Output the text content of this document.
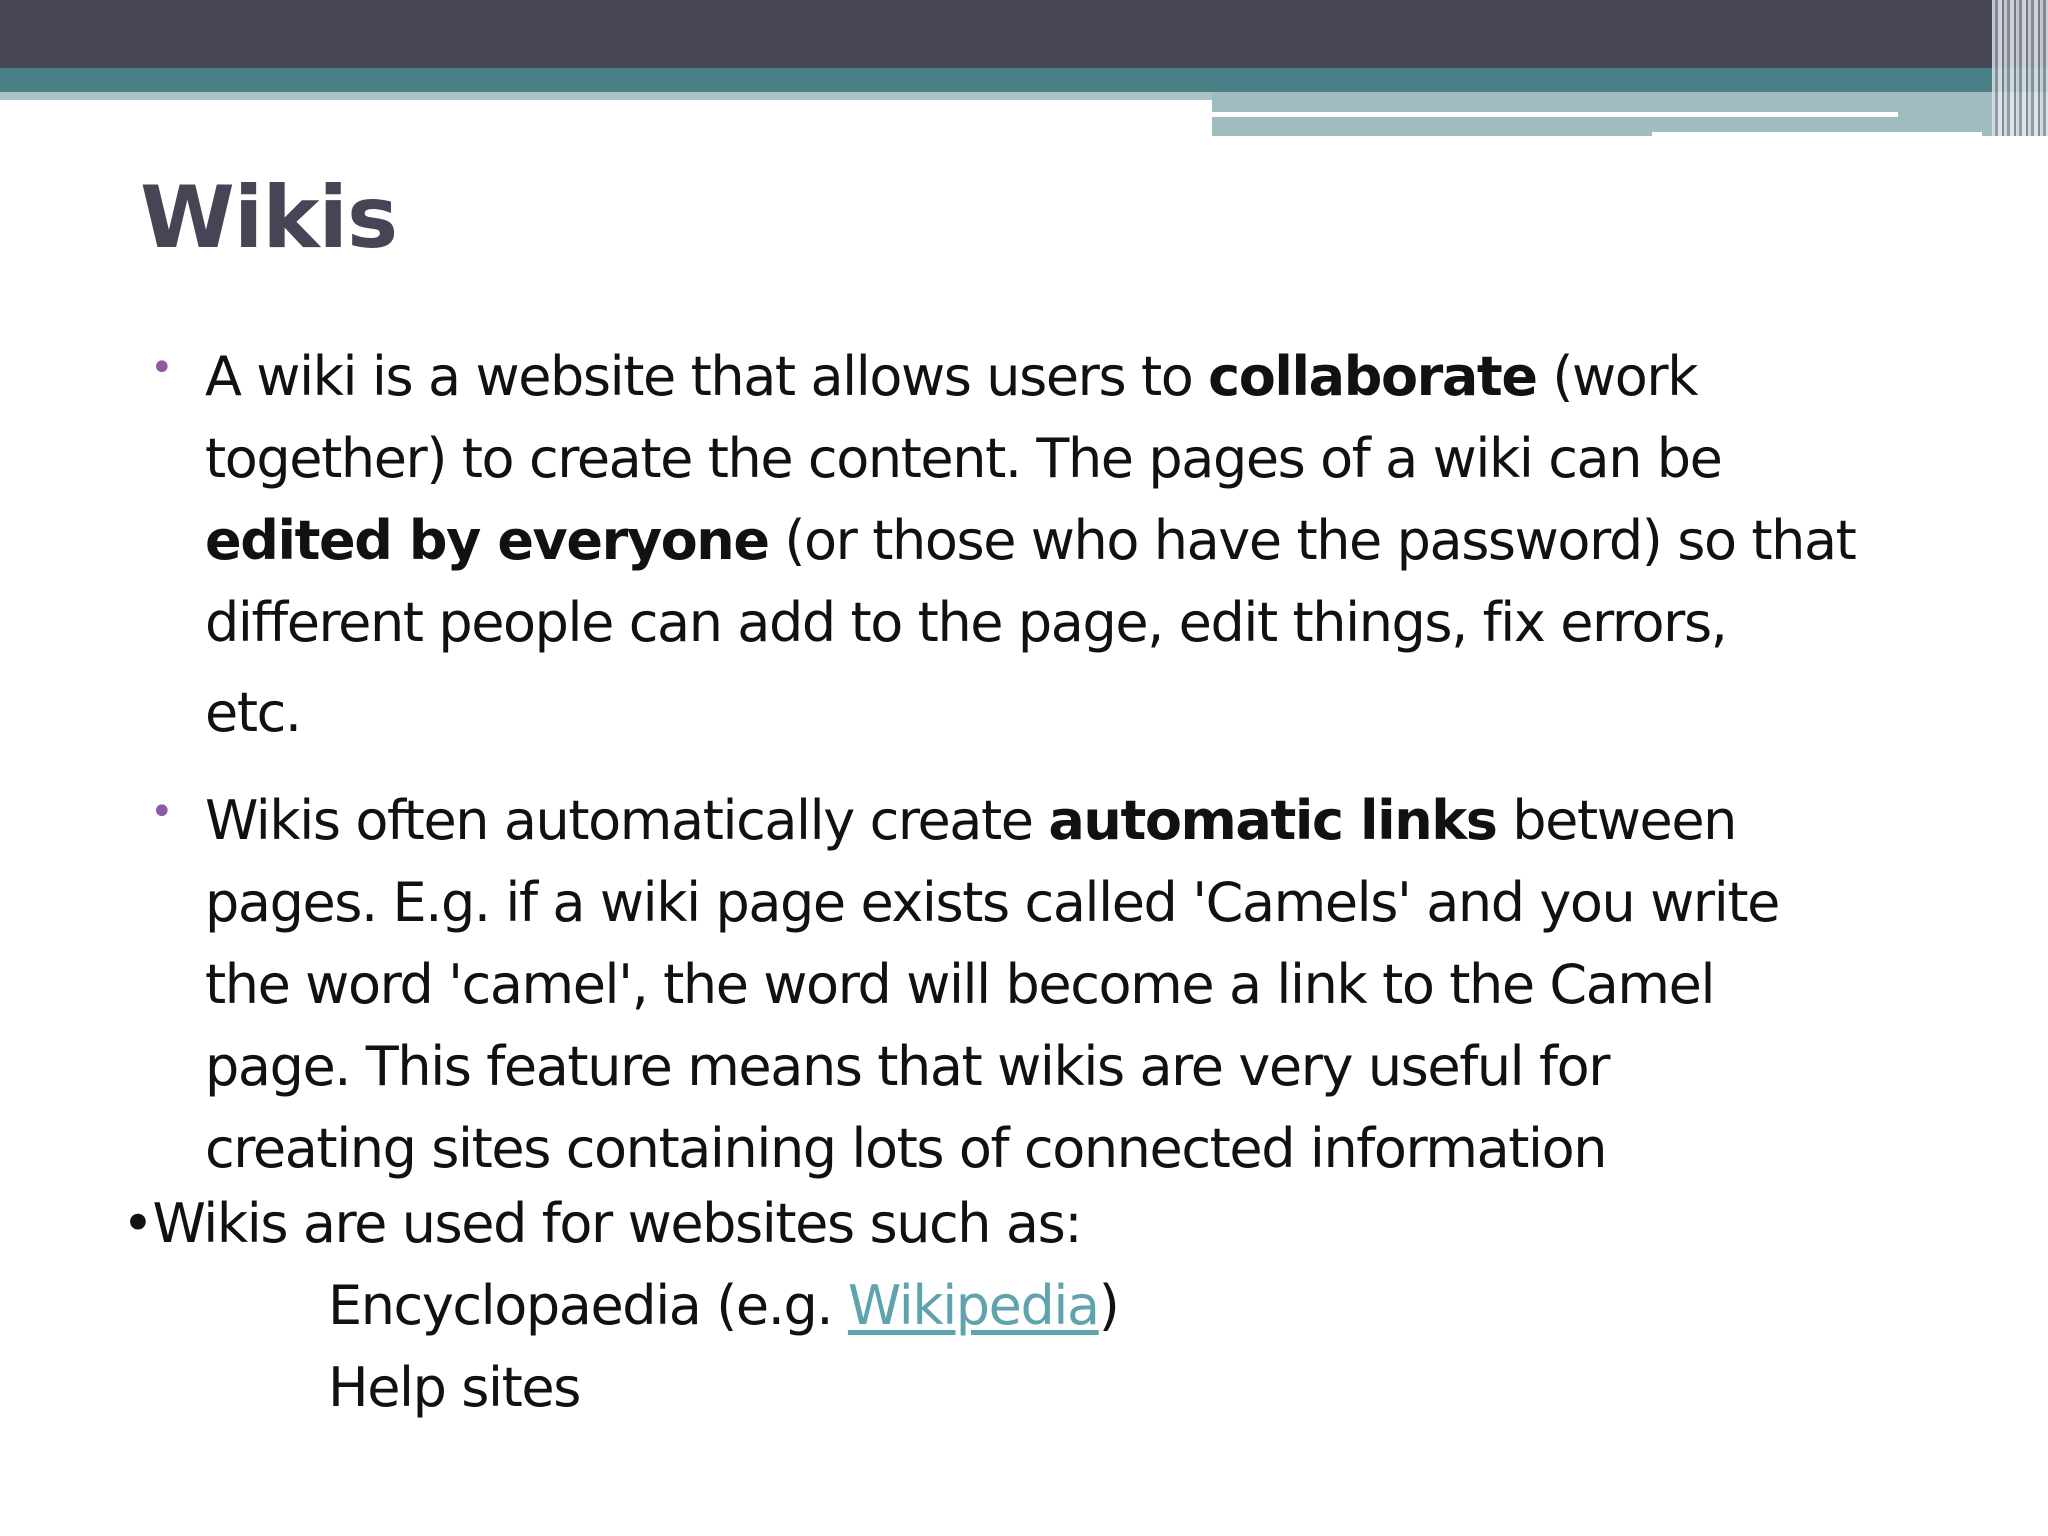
Wikis
• A wiki is a website that allows users to collaborate (work
together) to create the content. The pages of a wiki can be
edited by everyone (or those who have the password) so that
different people can add to the page, edit things, fix errors,
etc.
• Wikis often automatically create automatic links between
pages. E.g. if a wiki page exists called 'Camels' and you write
the word 'camel', the word will become a link to the Camel
page. This feature means that wikis are very useful for
creating sites containing lots of connected information
•Wikis are used for websites such as:
Encyclopaedia (e.g. Wikipedia)
Help sites
